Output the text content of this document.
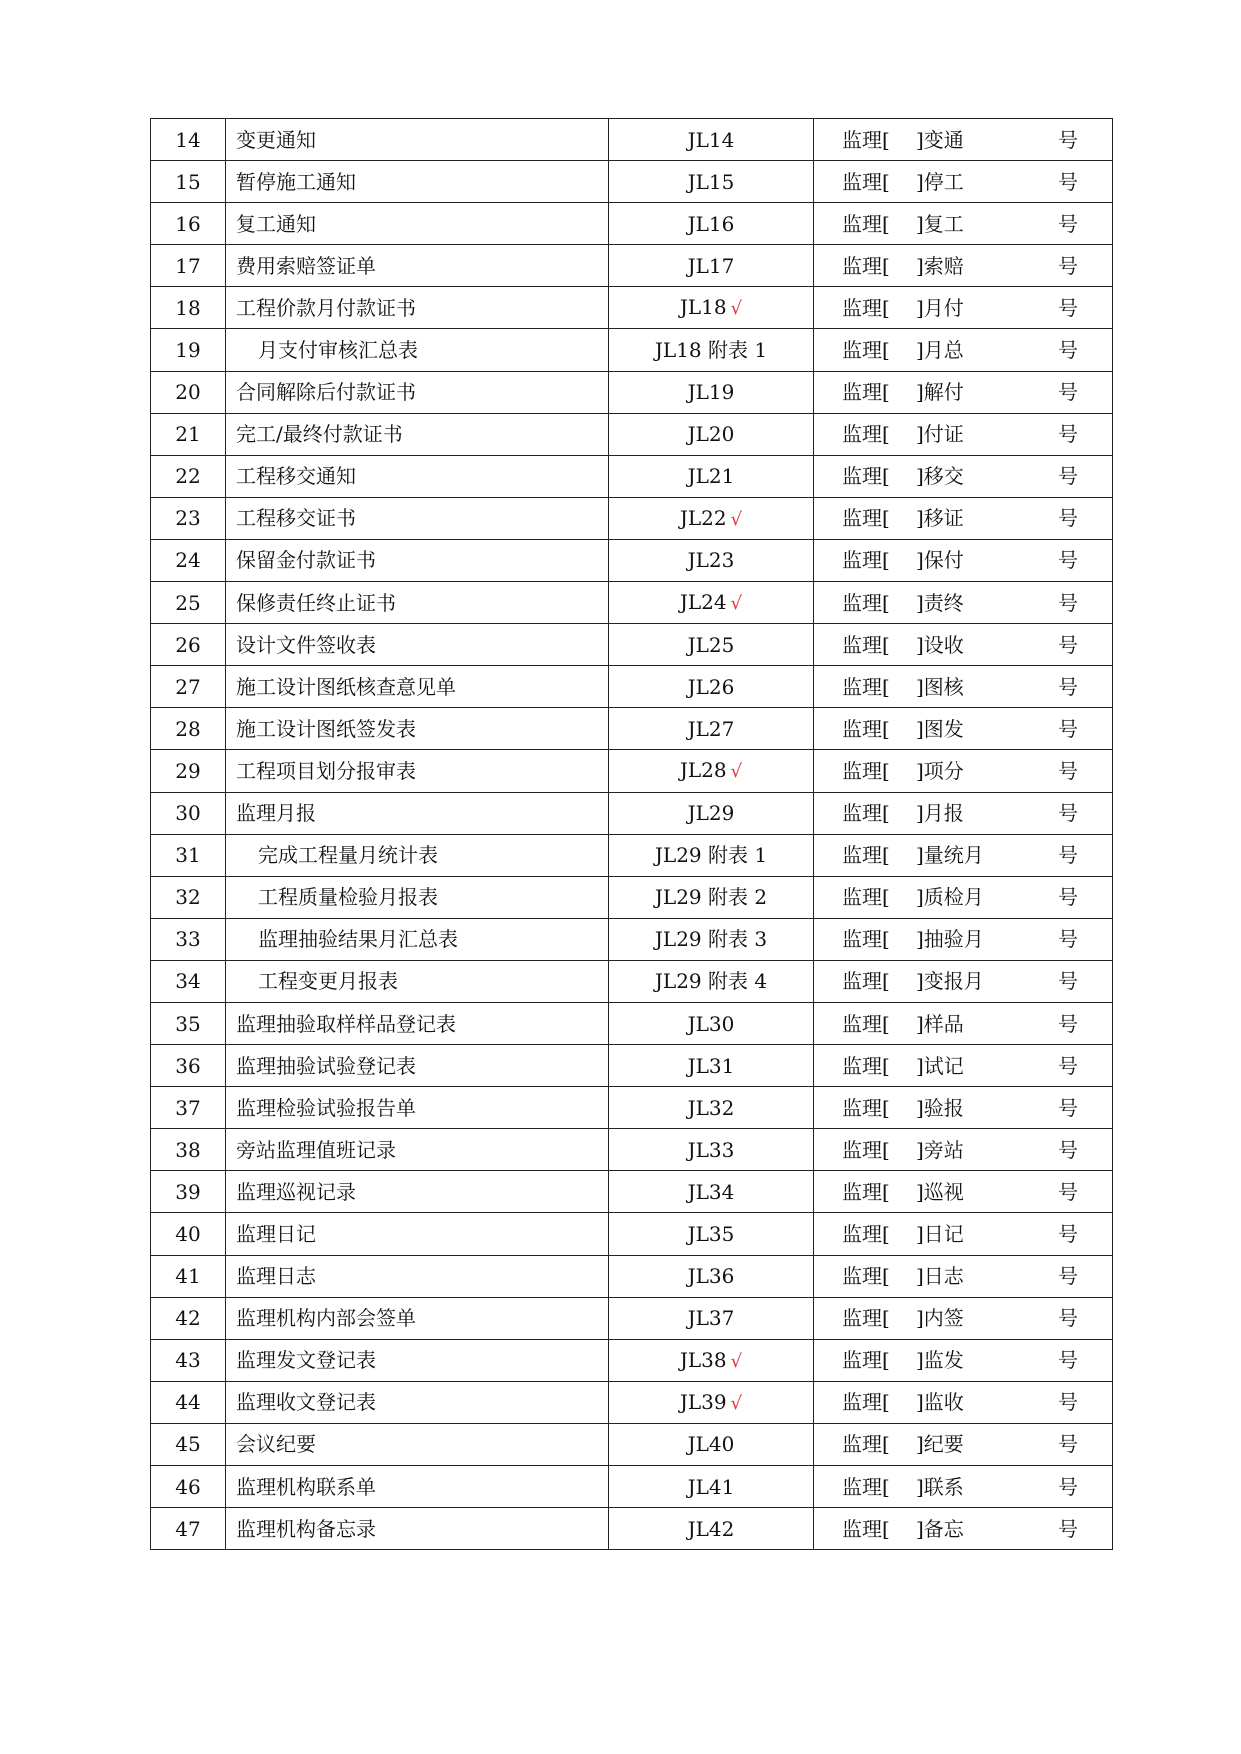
14	变更通知	JL14	监理[ ]变通 号

15	暂停施工通知	JL15	监理[ ]停工 号

16	复工通知	JL16	监理[ ]复工 号

17	费用索赔签证单	JL17	监理[ ]索赔 号

18	工程价款月付款证书	JL18 √	监理[ ]月付 号

19	月支付审核汇总表	JL18 附表 1	监理[ ]月总 号

20	合同解除后付款证书	JL19	监理[ ]解付 号

21	完工/最终付款证书	JL20	监理[ ]付证 号

22	工程移交通知	JL21	监理[ ]移交 号

23	工程移交证书	JL22 √	监理[ ]移证 号

24	保留金付款证书	JL23	监理[ ]保付 号

25	保修责任终止证书	JL24 √	监理[ ]责终 号

26	设计文件签收表	JL25	监理[ ]设收 号

27	施工设计图纸核查意见单	JL26	监理[ ]图核 号

28	施工设计图纸签发表	JL27	监理[ ]图发 号

29	工程项目划分报审表	JL28 √	监理[ ]项分 号

30	监理月报	JL29	监理[ ]月报 号

31	完成工程量月统计表	JL29 附表 1	监理[ ]量统月 号

32	工程质量检验月报表	JL29 附表 2	监理[ ]质检月 号

33	监理抽验结果月汇总表	JL29 附表 3	监理[ ]抽验月 号

34	工程变更月报表	JL29 附表 4	监理[ ]变报月 号

35	监理抽验取样样品登记表	JL30	监理[ ]样品 号

36	监理抽验试验登记表	JL31	监理[ ]试记 号

37	监理检验试验报告单	JL32	监理[ ]验报 号

38	旁站监理值班记录	JL33	监理[ ]旁站 号

39	监理巡视记录	JL34	监理[ ]巡视 号

40	监理日记	JL35	监理[ ]日记 号

41	监理日志	JL36	监理[ ]日志 号

42	监理机构内部会签单	JL37	监理[ ]内签 号

43	监理发文登记表	JL38 √	监理[ ]监发 号

44	监理收文登记表	JL39 √	监理[ ]监收 号

45	会议纪要	JL40	监理[ ]纪要 号

46	监理机构联系单	JL41	监理[ ]联系 号

47	监理机构备忘录	JL42	监理[ ]备忘 号
